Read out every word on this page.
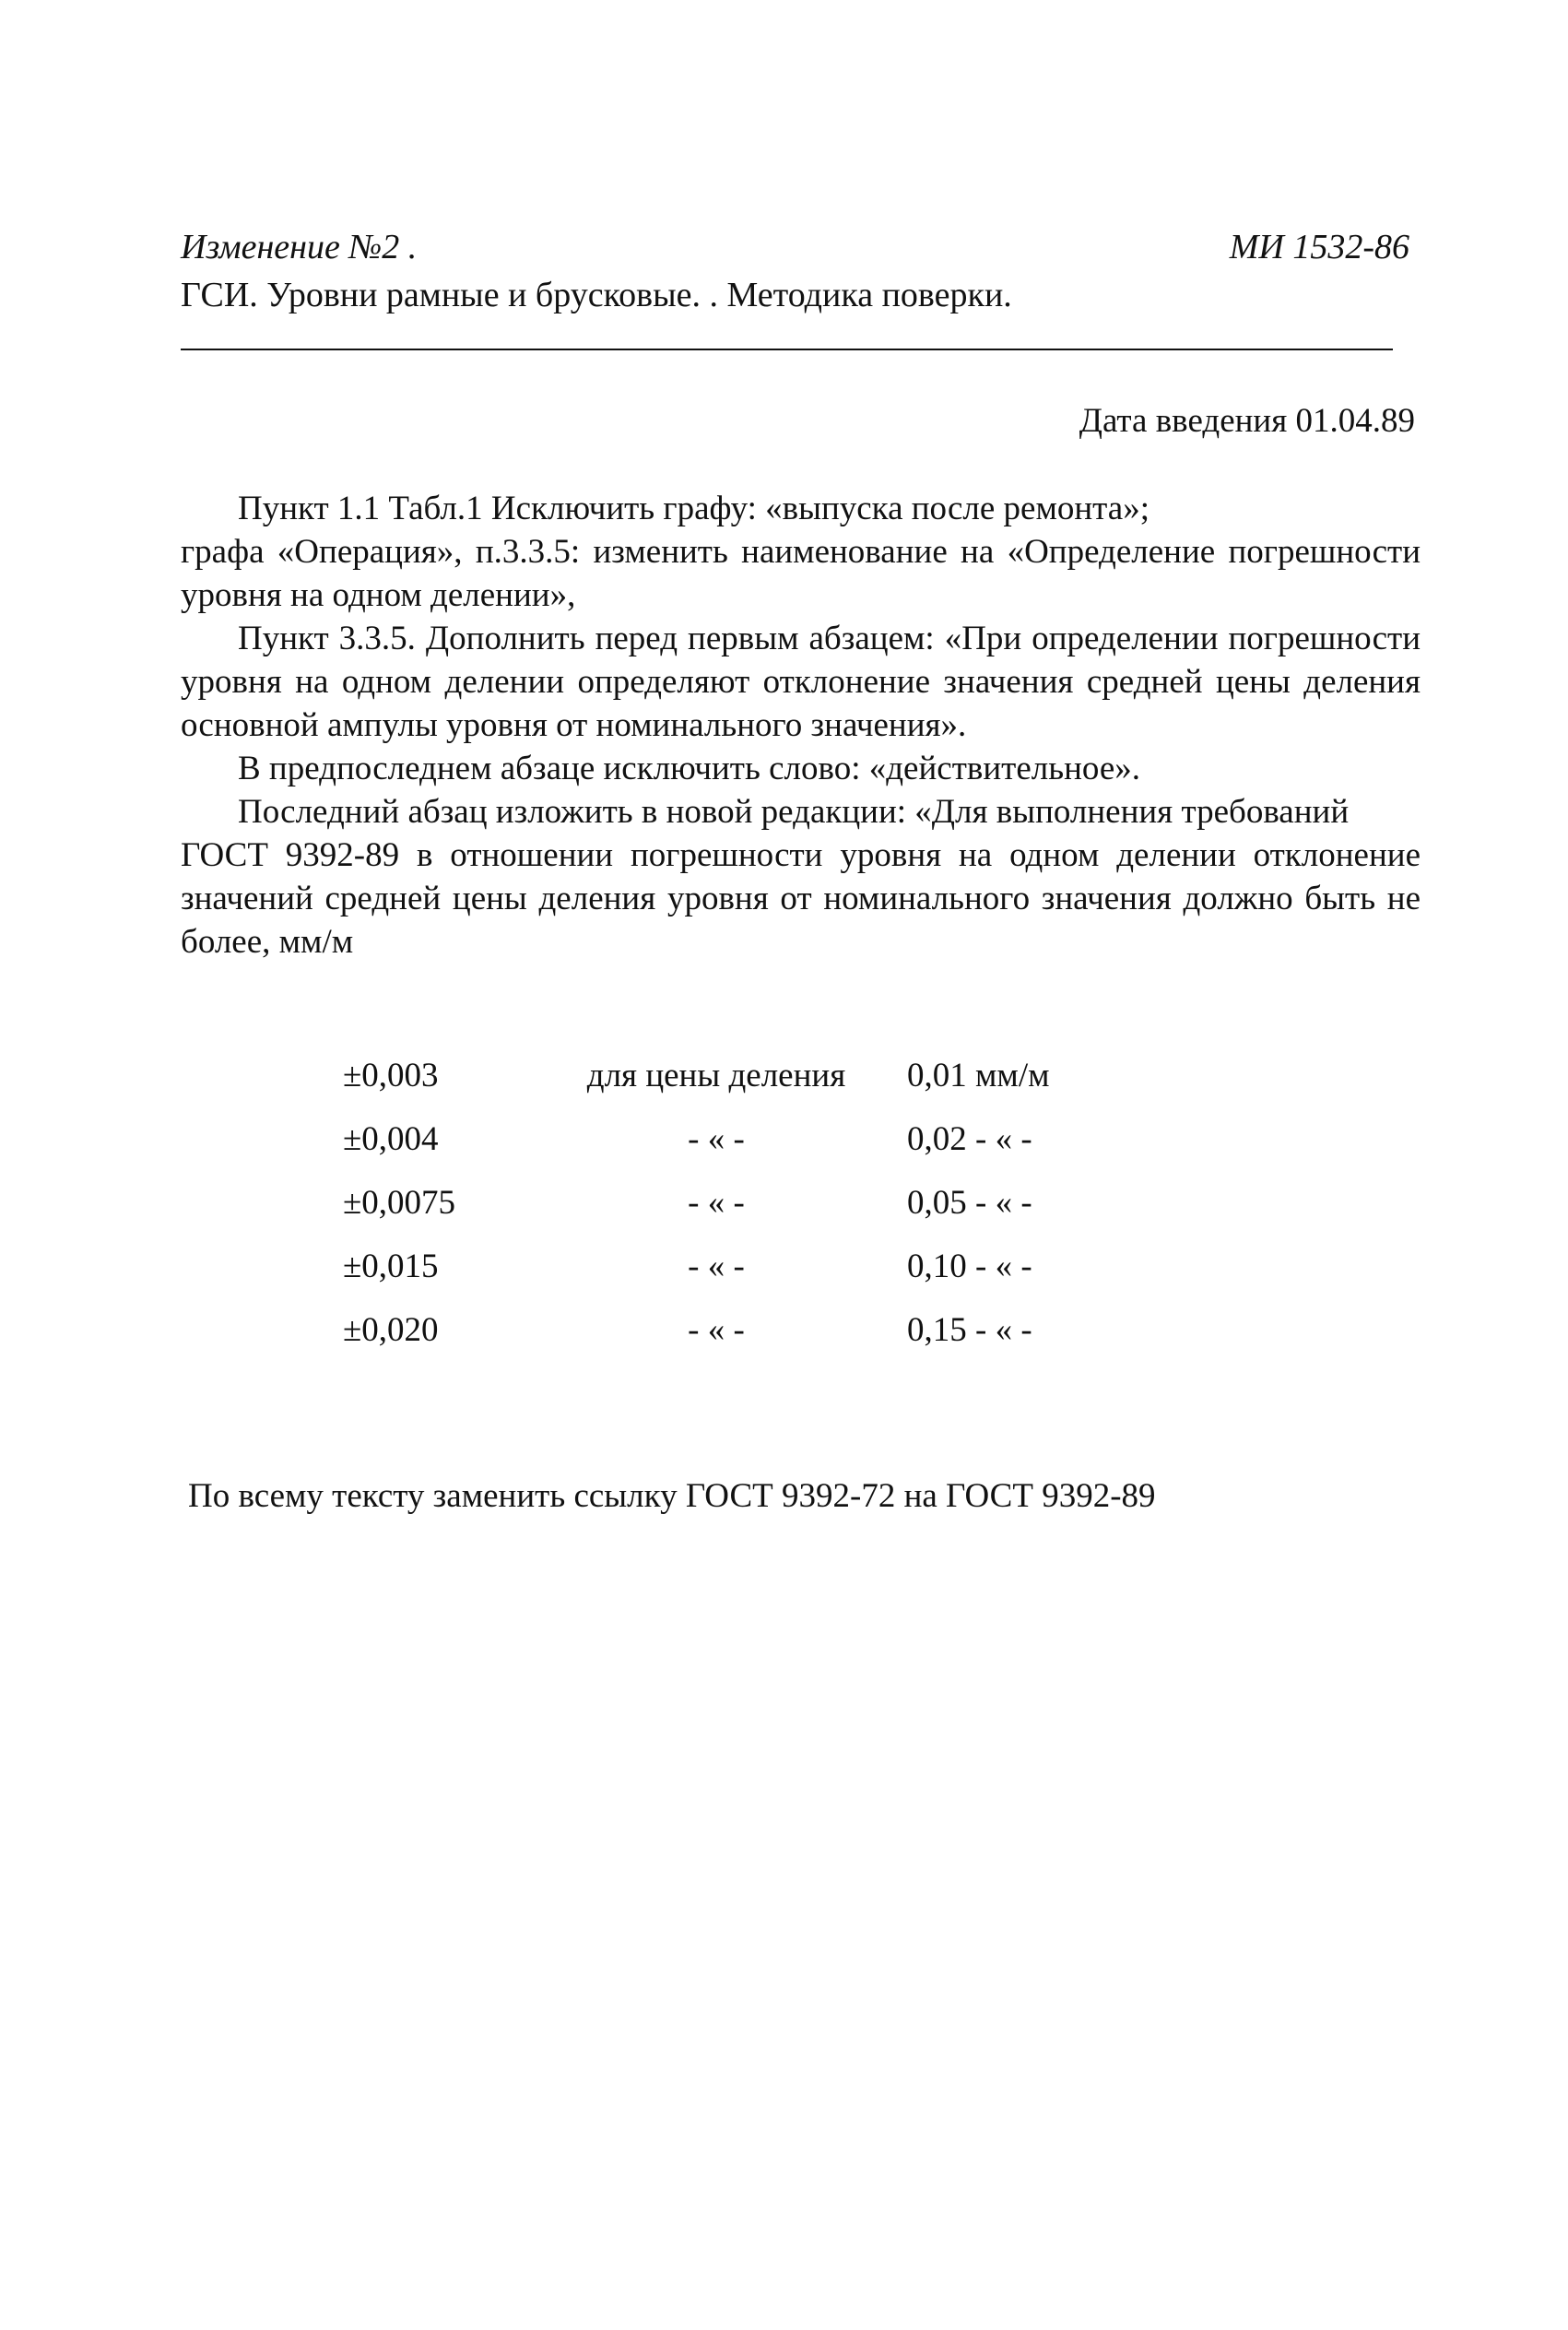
Изменение №2 .
ГСИ. Уровни рамные и брусковые. . Методика поверки.
МИ 1532-86
Дата введения 01.04.89

Пункт 1.1 Табл.1 Исключить графу: «выпуска после ремонта»;

графа «Операция», п.3.3.5: изменить наименование на «Определение погрешности уровня на одном делении»,

Пункт 3.3.5. Дополнить перед первым абзацем: «При определении погрешности уровня на одном делении определяют отклонение значения средней цены деления основной ампулы уровня от номинального значения».

В предпоследнем абзаце исключить слово: «действительное».

Последний абзац изложить в новой редакции: «Для выполнения требований

ГОСТ 9392-89 в отношении погрешности уровня на одном делении отклонение значений средней цены деления уровня от номинального значения должно быть не более, мм/м

±0,003	для цены деления	0,01 мм/м
±0,004	- « -	0,02 - « -
±0,0075	- « -	0,05 - « -
±0,015	- « -	0,10 - « -
±0,020	- « -	0,15 - « -
По всему тексту заменить ссылку ГОСТ 9392-72 на ГОСТ 9392-89
